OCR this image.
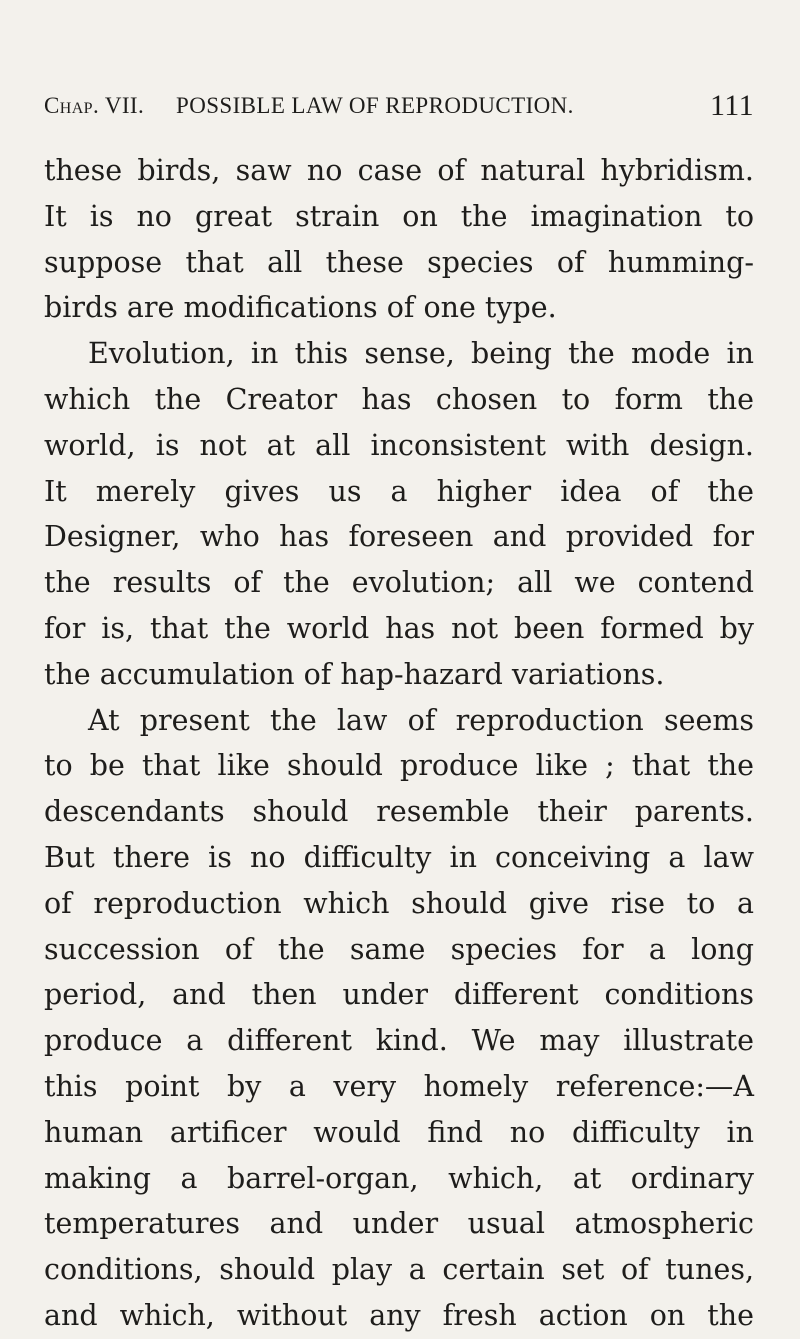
Chap. VII. POSSIBLE LAW OF REPRODUCTION.	111
these birds, saw no case of natural hybridism.
It is no great strain on the imagination to
suppose that all these species of humming-
birds are modifications of one type.
Evolution, in this sense, being the mode in
which the Creator has chosen to form the
world, is not at all inconsistent with design.
It merely gives us a higher idea of the
Designer, who has foreseen and provided for
the results of the evolution; all we contend
for is, that the world has not been formed by
the accumulation of hap-hazard variations.
At present the law of reproduction seems
to be that like should produce like ; that the
descendants should resemble their parents.
But there is no difficulty in conceiving a law
of reproduction which should give rise to a
succession of the same species for a long
period, and then under different conditions
produce a different kind. We may illustrate
this point by a very homely reference:—A
human artificer would find no difficulty in
making a barrel-organ, which, at ordinary
temperatures and under usual atmospheric
conditions, should play a certain set of tunes,
and which, without any fresh action on the
